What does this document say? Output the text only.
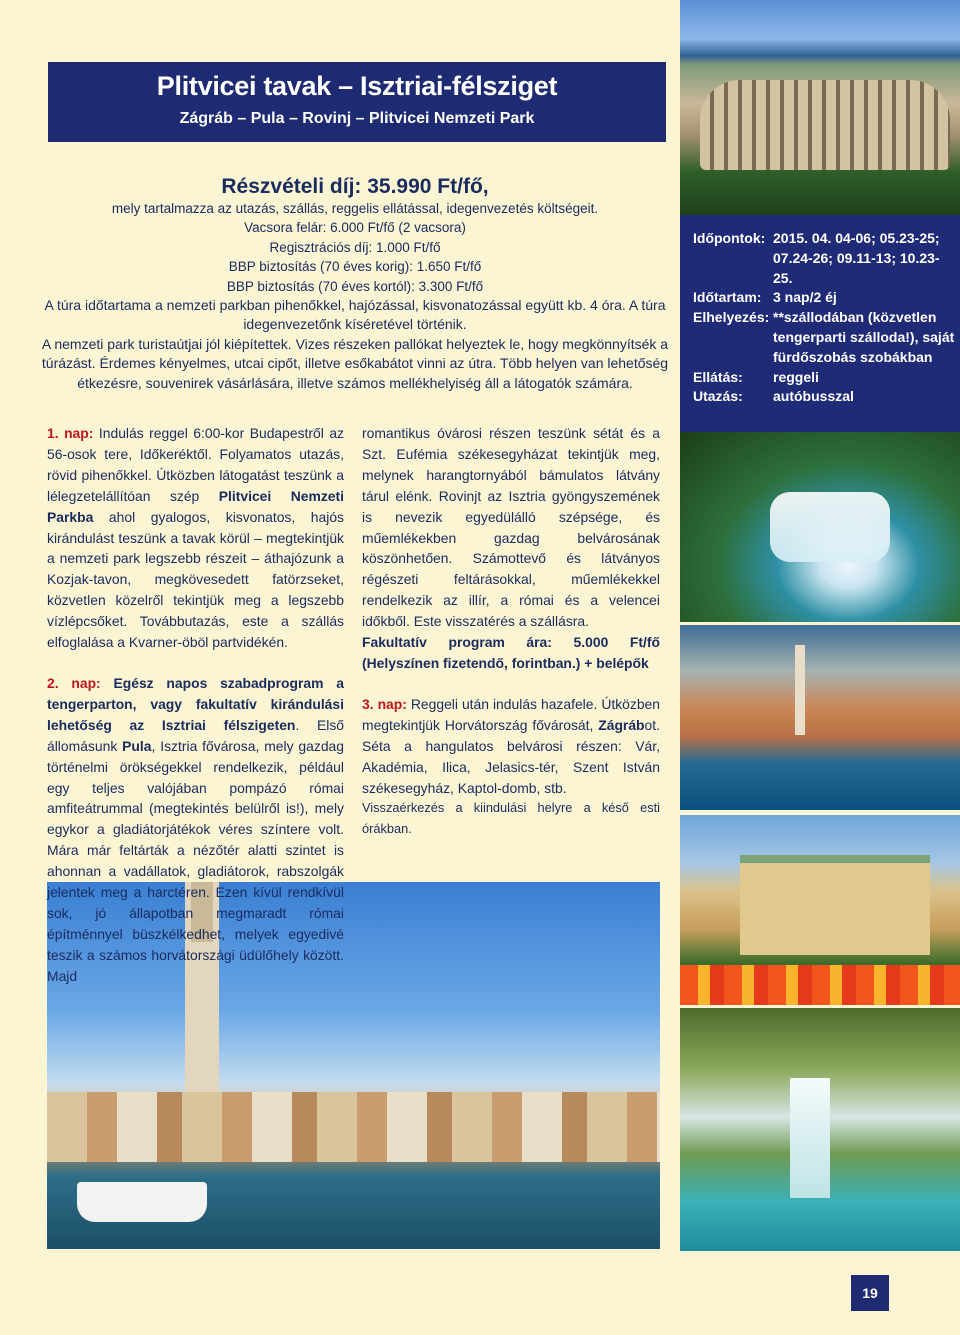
Plitvicei tavak – Isztriai-félsziget
Zágráb – Pula – Rovinj – Plitvicei Nemzeti Park
Részvételi díj: 35.990 Ft/fő,
mely tartalmazza az utazás, szállás, reggelis ellátással, idegenvezetés költségeit.
Vacsora felár: 6.000 Ft/fő (2 vacsora)
Regisztrációs díj: 1.000 Ft/fő
BBP biztosítás (70 éves korig): 1.650 Ft/fő
BBP biztosítás (70 éves kortól): 3.300 Ft/fő
A túra időtartama a nemzeti parkban pihenőkkel, hajózással, kisvonatozással együtt kb. 4 óra. A túra idegenvezetőnk kíséretével történik.
A nemzeti park turistaútjai jól kiépítettek. Vizes részeken pallókat helyeztek le, hogy megkönnyítsék a túrázást. Érdemes kényelmes, utcai cipőt, illetve esőkabátot vinni az útra. Több helyen van lehetőség étkezésre, souvenirek vásárlására, illetve számos mellékhelyiség áll a látogatók számára.
Időpontok: 2015. 04. 04-06; 05.23-25; 07.24-26; 09.11-13; 10.23-25.
Időtartam: 3 nap/2 éj
Elhelyezés: **szállodában (közvetlen tengerparti szálloda!), saját fürdőszobás szobákban
Ellátás:	reggeli
Utazás:	autóbusszal

1. nap: Indulás reggel 6:00-kor Budapestről az 56-osok tere, Időkeréktől. Folyamatos utazás, rövid pihenőkkel. Útközben látogatást teszünk a lélegzetelállítóan szép Plitvicei Nemzeti Parkba ahol gyalogos, kisvonatos, hajós kirándulást teszünk a tavak körül – megtekintjük a nemzeti park legszebb részeit – áthajózunk a Kozjak-tavon, megkövesedett fatörzseket, közvetlen közelről tekintjük meg a legszebb vízlépcsőket. Továbbutazás, este a szállás elfoglalása a Kvarner-öböl partvidékén.

2. nap: Egész napos szabadprogram a tengerparton, vagy fakultatív kirándulási lehetőség az Isztriai félszigeten. Első állomásunk Pula, Isztria fővárosa, mely gazdag történelmi örökségekkel rendelkezik, például egy teljes valójában pompázó római amfiteátrummal (megtekintés belülről is!), mely egykor a gladiátorjátékok véres színtere volt. Mára már feltárták a nézőtér alatti szintet is ahonnan a vadállatok, gladiátorok, rabszolgák jelentek meg a harctéren. Ezen kívül rendkívül sok, jó állapotban megmaradt római építménnyel büszkélkedhet, melyek egyedivé teszik a számos horvátországi üdülőhely között. Majd

romantikus óvárosi részen teszünk sétát és a Szt. Eufémia székesegyházat tekintjük meg, melynek harangtornyából bámulatos látvány tárul elénk. Rovinjt az Isztria gyöngyszemének is nevezik egyedülálló szépsége, és műemlékekben gazdag belvárosának köszönhetően. Számottevő és látványos régészeti feltárásokkal, műemlékekkel rendelkezik az illír, a római és a velencei időkből. Este visszatérés a szállásra.

Fakultatív program ára: 5.000 Ft/fő (Helyszínen fizetendő, forintban.) + belépők

3. nap: Reggeli után indulás hazafele. Útközben megtekintjük Horvátország fővárosát, Zágrábot. Séta a hangulatos belvárosi részen: Vár, Akadémia, Ilica, Jelasics-tér, Szent István székesegyház, Kaptol-domb, stb.

Visszaérkezés a kiindulási helyre a késő esti órákban.

19
